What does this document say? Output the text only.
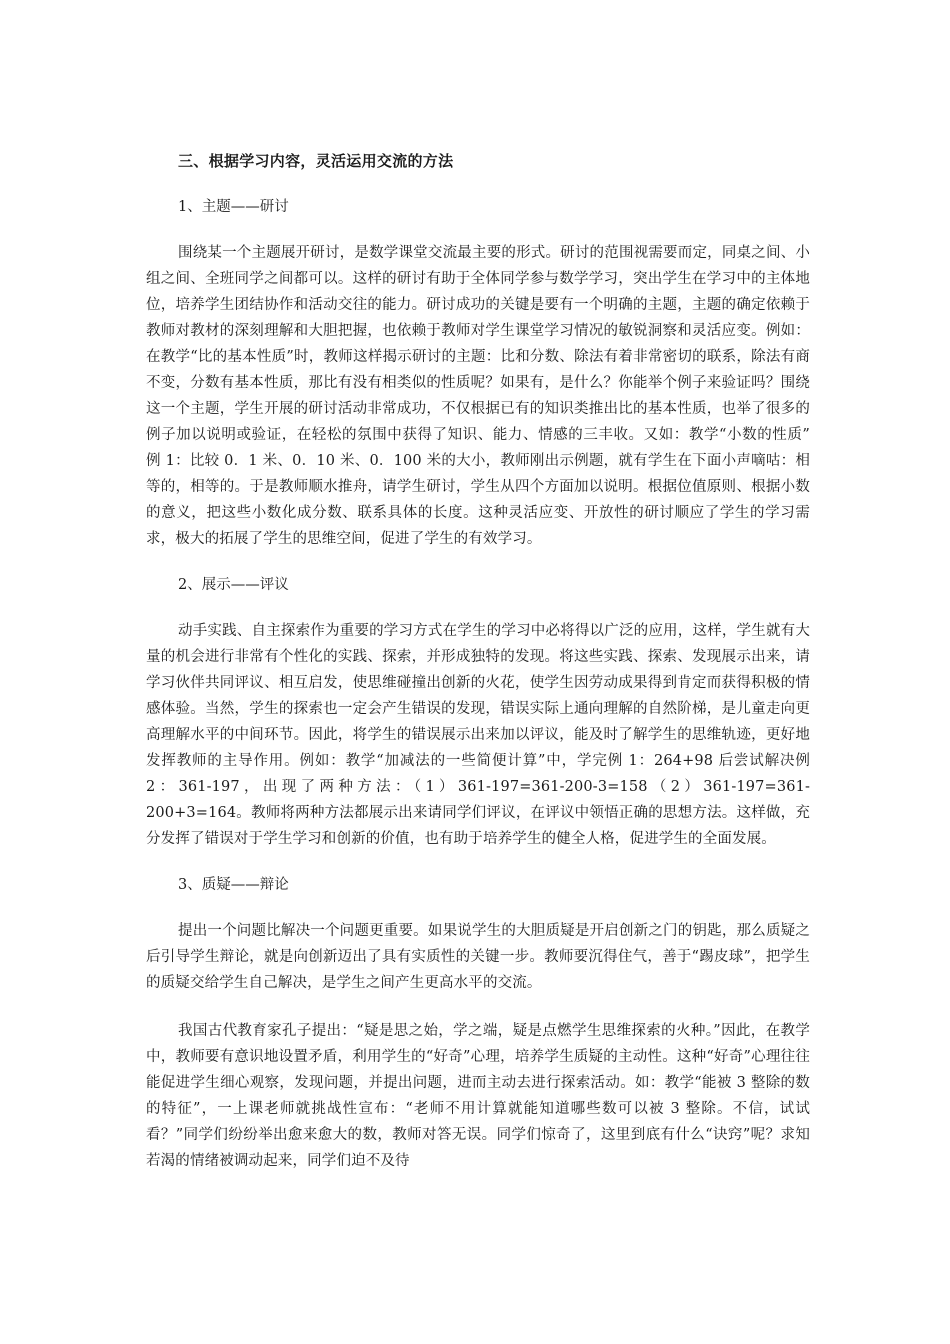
三、根据学习内容，灵活运用交流的方法
1、主题——研讨

围绕某一个主题展开研讨，是数学课堂交流最主要的形式。研讨的范围视需要而定，同桌之间、小组之间、全班同学之间都可以。这样的研讨有助于全体同学参与数学学习，突出学生在学习中的主体地位，培养学生团结协作和活动交往的能力。研讨成功的关键是要有一个明确的主题，主题的确定依赖于教师对教材的深刻理解和大胆把握，也依赖于教师对学生课堂学习情况的敏锐洞察和灵活应变。例如：在教学“比的基本性质”时，教师这样揭示研讨的主题：比和分数、除法有着非常密切的联系，除法有商不变，分数有基本性质，那比有没有相类似的性质呢？如果有，是什么？你能举个例子来验证吗？围绕这一个主题，学生开展的研讨活动非常成功，不仅根据已有的知识类推出比的基本性质，也举了很多的例子加以说明或验证，在轻松的氛围中获得了知识、能力、情感的三丰收。又如：教学“小数的性质” 例 1：比较 0．1 米、0．10 米、0．100 米的大小，教师刚出示例题，就有学生在下面小声嘀咕：相等的，相等的。于是教师顺水推舟，请学生研讨，学生从四个方面加以说明。根据位值原则、根据小数的意义，把这些小数化成分数、联系具体的长度。这种灵活应变、开放性的研讨顺应了学生的学习需求，极大的拓展了学生的思维空间，促进了学生的有效学习。

2、展示——评议

动手实践、自主探索作为重要的学习方式在学生的学习中必将得以广泛的应用，这样，学生就有大量的机会进行非常有个性化的实践、探索，并形成独特的发现。将这些实践、探索、发现展示出来，请学习伙伴共同评议、相互启发，使思维碰撞出创新的火花，使学生因劳动成果得到肯定而获得积极的情感体验。当然，学生的探索也一定会产生错误的发现，错误实际上通向理解的自然阶梯，是儿童走向更高理解水平的中间环节。因此，将学生的错误展示出来加以评议，能及时了解学生的思维轨迹，更好地发挥教师的主导作用。例如：教学“加减法的一些简便计算”中，学完例 1：264+98 后尝试解决例 2：361-197，出现了两种方法：（1）361-197=361-200-3=158（2）361-197=361-200+3=164。教师将两种方法都展示出来请同学们评议，在评议中领悟正确的思想方法。这样做，充分发挥了错误对于学生学习和创新的价值，也有助于培养学生的健全人格，促进学生的全面发展。

3、质疑——辩论

提出一个问题比解决一个问题更重要。如果说学生的大胆质疑是开启创新之门的钥匙，那么质疑之后引导学生辩论，就是向创新迈出了具有实质性的关键一步。教师要沉得住气，善于“踢皮球”，把学生的质疑交给学生自己解决，是学生之间产生更高水平的交流。

我国古代教育家孔子提出：“疑是思之始，学之端，疑是点燃学生思维探索的火种。”因此，在教学中，教师要有意识地设置矛盾，利用学生的“好奇”心理，培养学生质疑的主动性。这种“好奇”心理往往能促进学生细心观察，发现问题，并提出问题，进而主动去进行探索活动。如：教学“能被 3 整除的数的特征”，一上课老师就挑战性宣布：“老师不用计算就能知道哪些数可以被 3 整除。不信，试试看？”同学们纷纷举出愈来愈大的数，教师对答无误。同学们惊奇了，这里到底有什么“诀窍”呢？求知若渴的情绪被调动起来，同学们迫不及待
